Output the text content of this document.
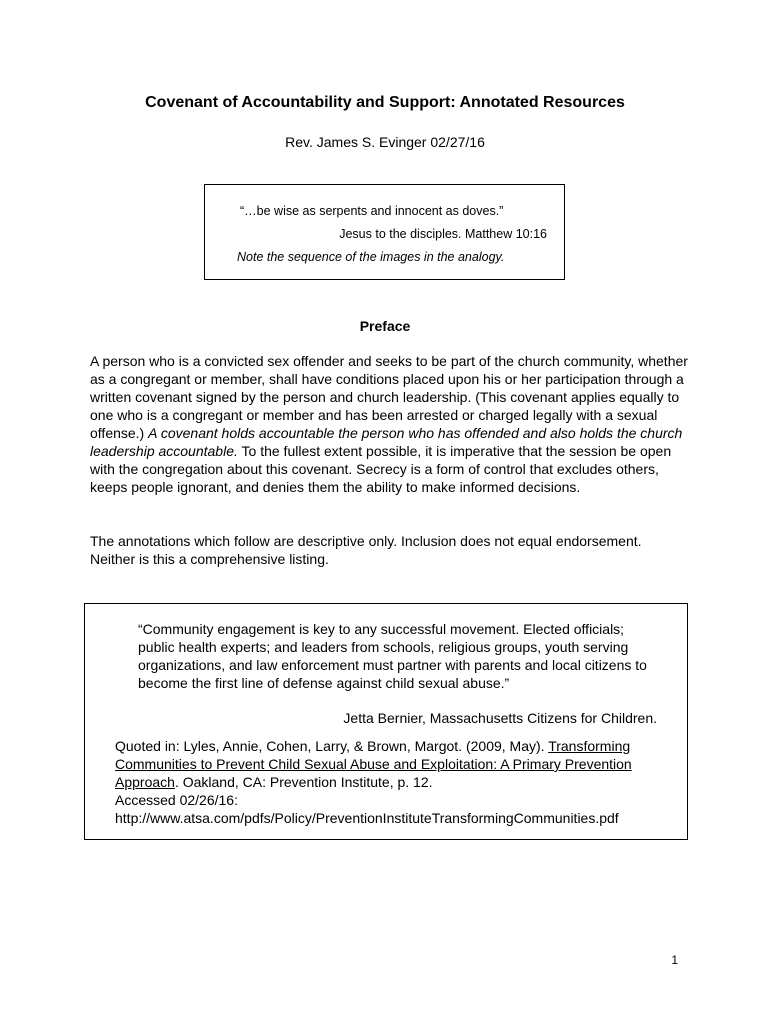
Covenant of Accountability and Support: Annotated Resources
Rev. James S. Evinger 02/27/16
“…be wise as serpents and innocent as doves.”
Jesus to the disciples. Matthew 10:16
Note the sequence of the images in the analogy.
Preface

A person who is a convicted sex offender and seeks to be part of the church community, whether as a congregant or member, shall have conditions placed upon his or her participation through a written covenant signed by the person and church leadership. (This covenant applies equally to one who is a congregant or member and has been arrested or charged legally with a sexual offense.) A covenant holds accountable the person who has offended and also holds the church leadership accountable. To the fullest extent possible, it is imperative that the session be open with the congregation about this covenant. Secrecy is a form of control that excludes others, keeps people ignorant, and denies them the ability to make informed decisions.

The annotations which follow are descriptive only. Inclusion does not equal endorsement. Neither is this a comprehensive listing.

“Community engagement is key to any successful movement. Elected officials; public health experts; and leaders from schools, religious groups, youth serving organizations, and law enforcement must partner with parents and local citizens to become the first line of defense against child sexual abuse.”

Jetta Bernier, Massachusetts Citizens for Children.

Quoted in: Lyles, Annie, Cohen, Larry, & Brown, Margot. (2009, May). Transforming Communities to Prevent Child Sexual Abuse and Exploitation: A Primary Prevention Approach. Oakland, CA: Prevention Institute, p. 12.
Accessed 02/26/16:
http://www.atsa.com/pdfs/Policy/PreventionInstituteTransformingCommunities.pdf

1
